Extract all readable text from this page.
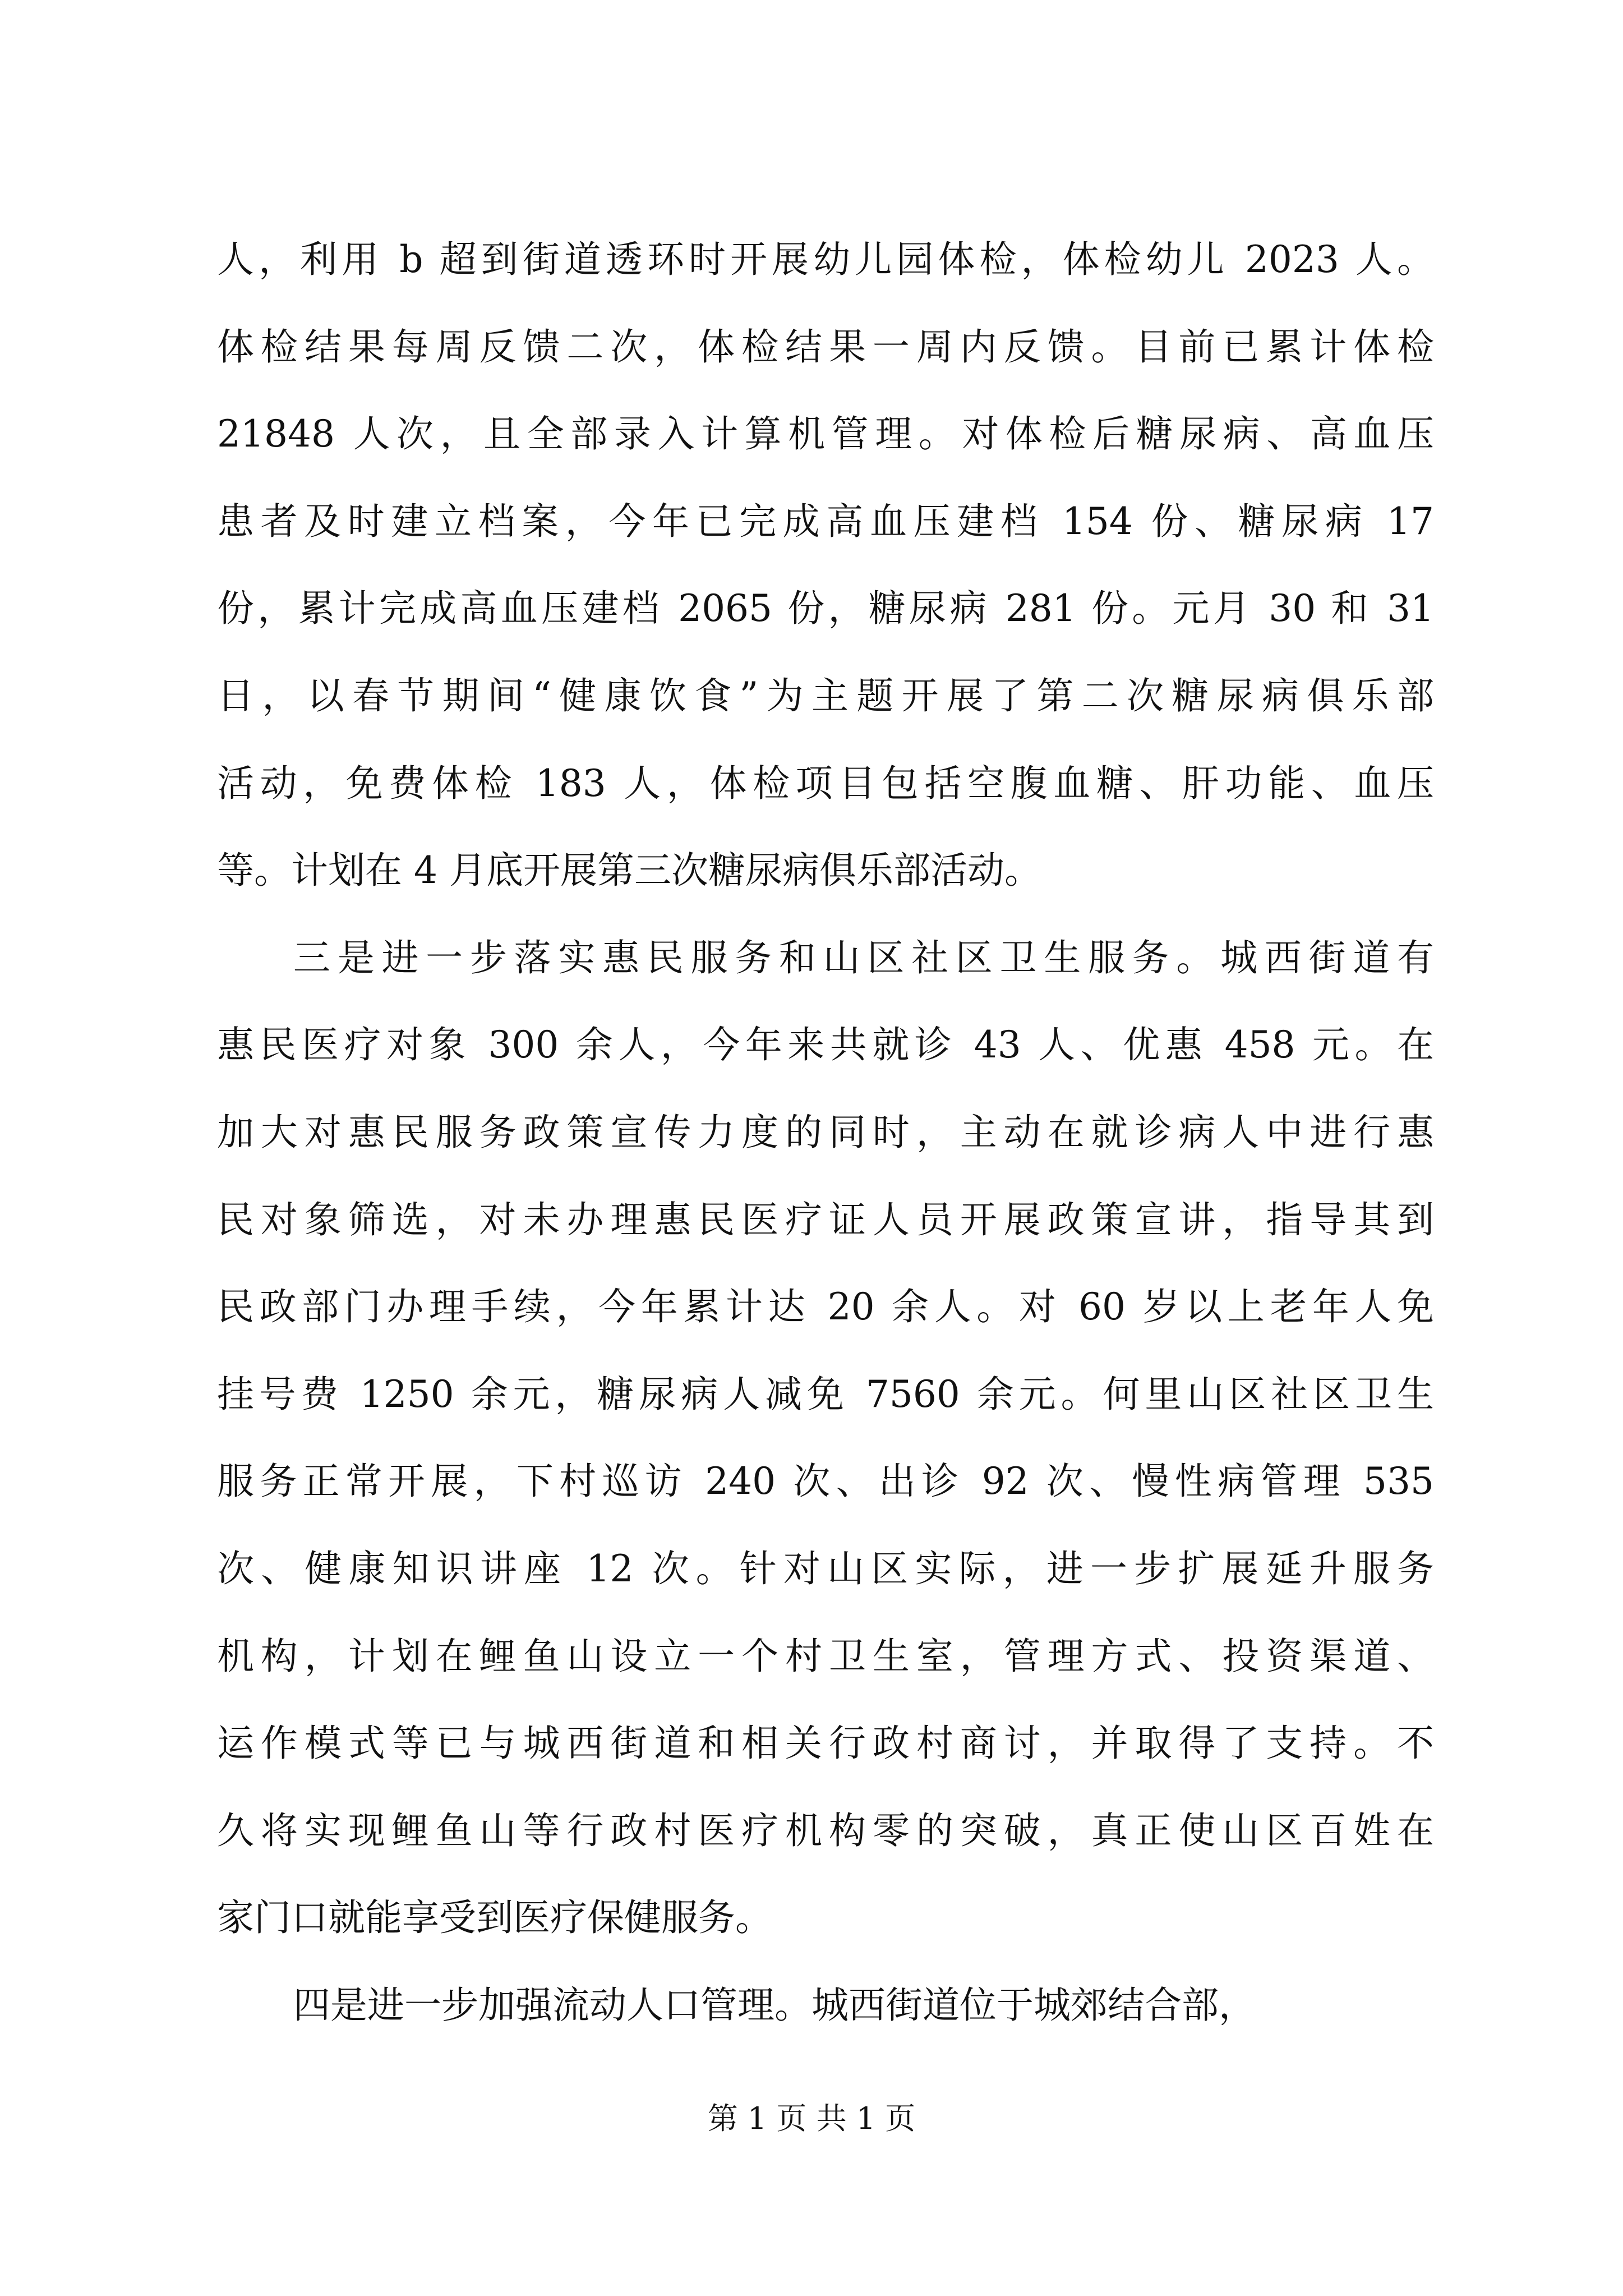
人，利用 b 超到街道透环时开展幼儿园体检，体检幼儿 2023 人。
体检结果每周反馈二次，体检结果一周内反馈。目前已累计体检
21848 人次，且全部录入计算机管理。对体检后糖尿病、高血压
患者及时建立档案，今年已完成高血压建档 154 份、糖尿病 17
份，累计完成高血压建档 2065 份，糖尿病 281 份。元月 30 和 31
日，以春节期间“健康饮食”为主题开展了第二次糖尿病俱乐部
活动，免费体检 183 人，体检项目包括空腹血糖、肝功能、血压
等。计划在 4 月底开展第三次糖尿病俱乐部活动。
三是进一步落实惠民服务和山区社区卫生服务。城西街道有
惠民医疗对象 300 余人，今年来共就诊 43 人、优惠 458 元。在
加大对惠民服务政策宣传力度的同时，主动在就诊病人中进行惠
民对象筛选，对未办理惠民医疗证人员开展政策宣讲，指导其到
民政部门办理手续，今年累计达 20 余人。对 60 岁以上老年人免
挂号费 1250 余元，糖尿病人减免 7560 余元。何里山区社区卫生
服务正常开展，下村巡访 240 次、出诊 92 次、慢性病管理 535
次、健康知识讲座 12 次。针对山区实际，进一步扩展延升服务
机构，计划在鲤鱼山设立一个村卫生室，管理方式、投资渠道、
运作模式等已与城西街道和相关行政村商讨，并取得了支持。不
久将实现鲤鱼山等行政村医疗机构零的突破，真正使山区百姓在
家门口就能享受到医疗保健服务。
四是进一步加强流动人口管理。城西街道位于城郊结合部，
第 1 页 共 1 页
